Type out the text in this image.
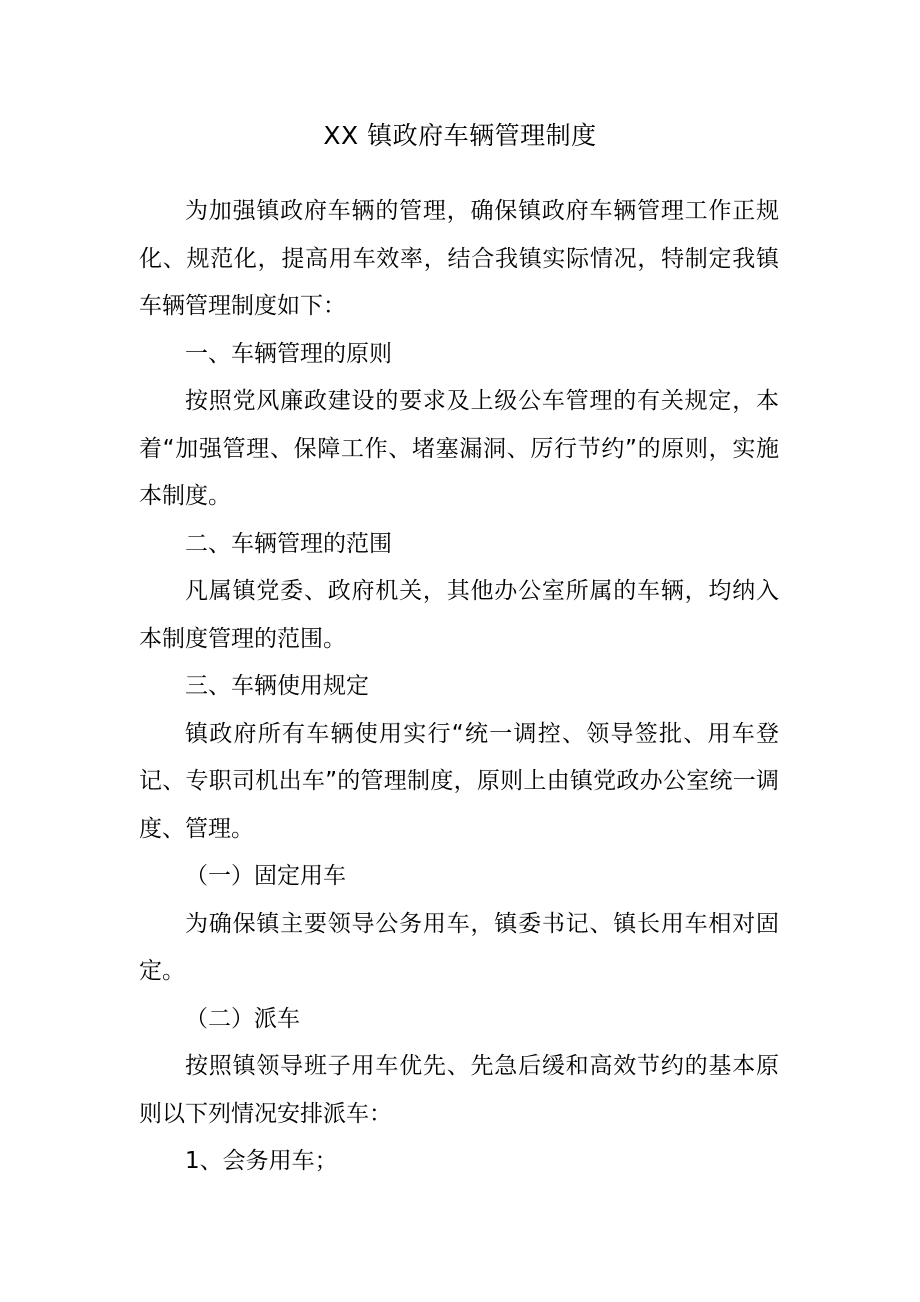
XX 镇政府车辆管理制度

为加强镇政府车辆的管理，确保镇政府车辆管理工作正规化、规范化，提高用车效率，结合我镇实际情况，特制定我镇车辆管理制度如下：

一、车辆管理的原则

按照党风廉政建设的要求及上级公车管理的有关规定，本着“加强管理、保障工作、堵塞漏洞、厉行节约”的原则，实施本制度。

二、车辆管理的范围

凡属镇党委、政府机关，其他办公室所属的车辆，均纳入本制度管理的范围。

三、车辆使用规定

镇政府所有车辆使用实行“统一调控、领导签批、用车登记、专职司机出车”的管理制度，原则上由镇党政办公室统一调度、管理。

（一）固定用车

为确保镇主要领导公务用车，镇委书记、镇长用车相对固定。

（二）派车

按照镇领导班子用车优先、先急后缓和高效节约的基本原则以下列情况安排派车：

1、会务用车；
